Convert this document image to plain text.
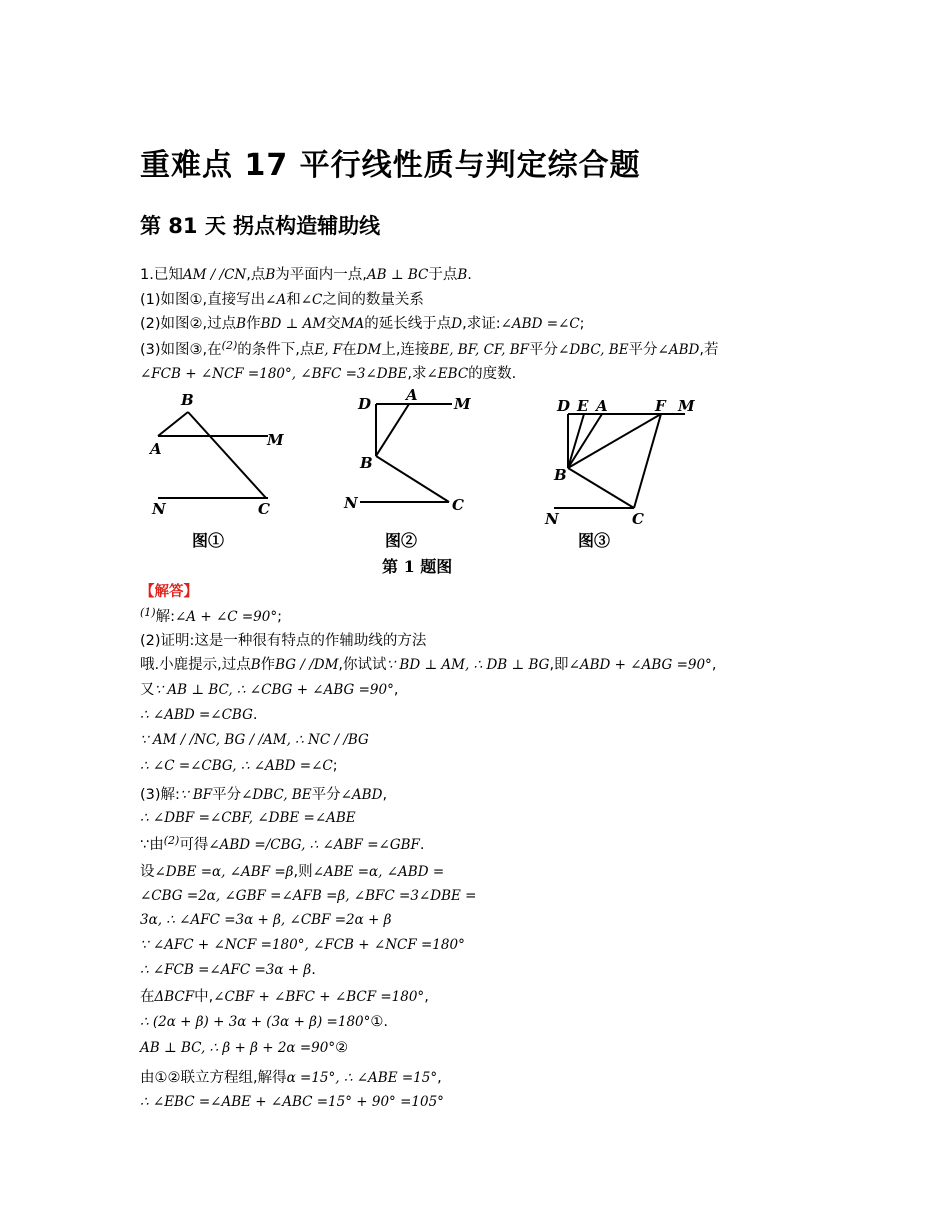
重难点 17 平行线性质与判定综合题
第 81 天 拐点构造辅助线
1.已知AM / /CN,点B为平面内一点,AB ⊥ BC于点B.
(1)如图①,直接写出∠A和∠C之间的数量关系
(2)如图②,过点B作BD ⊥ AM交MA的延长线于点D,求证:∠ABD =∠C;
(3)如图③,在$^{(2)}$的条件下,点E, F在DM上,连接BE, BF, CF, BF平分∠DBC, BE平分∠ABD,若
∠FCB + ∠NCF =180°, ∠BFC =3∠DBE,求∠EBC的度数.
B
A	M
N	C
图①
D A M
B
N	C
图②
D E A	F M
B
N	C
图③
第 1 题图
【解答】
$^{(1)}$解:∠A + ∠C =90°;
(2)证明:这是一种很有特点的作辅助线的方法
哦.小鹿提示,过点B作BG / /DM,你试试∵ BD ⊥ AM, ∴ DB ⊥ BG,即∠ABD + ∠ABG =90°,
又∵ AB ⊥ BC, ∴ ∠CBG + ∠ABG =90°,
∴ ∠ABD =∠CBG.
∵ AM / /NC, BG / /AM, ∴ NC / /BG
∴ ∠C =∠CBG, ∴ ∠ABD =∠C;
(3)解:∵ BF平分∠DBC, BE平分∠ABD,
∴ ∠DBF =∠CBF, ∠DBE =∠ABE
∵由$^{(2)}$可得∠ABD =/CBG, ∴ ∠ABF =∠GBF.
设∠DBE =α, ∠ABF =β,则∠ABE =α, ∠ABD =
∠CBG =2α, ∠GBF =∠AFB =β, ∠BFC =3∠DBE =
3α, ∴ ∠AFC =3α + β, ∠CBF =2α + β
∵ ∠AFC + ∠NCF =180°, ∠FCB + ∠NCF =180°
∴ ∠FCB =∠AFC =3α + β.
在ΔBCF中,∠CBF + ∠BFC + ∠BCF =180°,
∴ (2α + β) + 3α + (3α + β) =180°①.
AB ⊥ BC, ∴ β + β + 2α =90°②
由①②联立方程组,解得α =15°, ∴ ∠ABE =15°,
∴ ∠EBC =∠ABE + ∠ABC =15° + 90° =105°
